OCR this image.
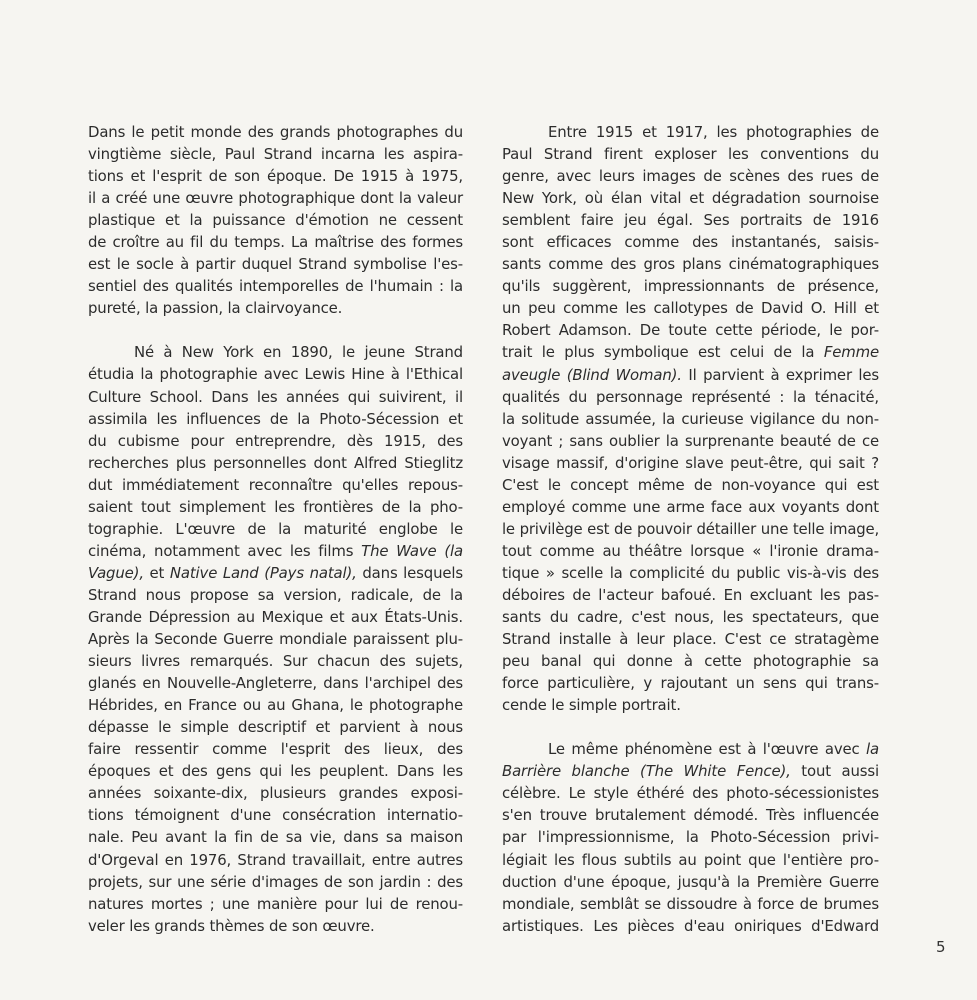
Dans le petit monde des grands photographes du
vingtième siècle, Paul Strand incarna les aspira-
tions et l'esprit de son époque. De 1915 à 1975,
il a créé une œuvre photographique dont la valeur
plastique et la puissance d'émotion ne cessent
de croître au fil du temps. La maîtrise des formes
est le socle à partir duquel Strand symbolise l'es-
sentiel des qualités intemporelles de l'humain : la
pureté, la passion, la clairvoyance.

Né à New York en 1890, le jeune Strand
étudia la photographie avec Lewis Hine à l'Ethical
Culture School. Dans les années qui suivirent, il
assimila les influences de la Photo-Sécession et
du cubisme pour entreprendre, dès 1915, des
recherches plus personnelles dont Alfred Stieglitz
dut immédiatement reconnaître qu'elles repous-
saient tout simplement les frontières de la pho-
tographie. L'œuvre de la maturité englobe le
cinéma, notamment avec les films The Wave (la
Vague), et Native Land (Pays natal), dans lesquels
Strand nous propose sa version, radicale, de la
Grande Dépression au Mexique et aux États-Unis.
Après la Seconde Guerre mondiale paraissent plu-
sieurs livres remarqués. Sur chacun des sujets,
glanés en Nouvelle-Angleterre, dans l'archipel des
Hébrides, en France ou au Ghana, le photographe
dépasse le simple descriptif et parvient à nous
faire ressentir comme l'esprit des lieux, des
époques et des gens qui les peuplent. Dans les
années soixante-dix, plusieurs grandes exposi-
tions témoignent d'une consécration internatio-
nale. Peu avant la fin de sa vie, dans sa maison
d'Orgeval en 1976, Strand travaillait, entre autres
projets, sur une série d'images de son jardin : des
natures mortes ; une manière pour lui de renou-
veler les grands thèmes de son œuvre.

Entre 1915 et 1917, les photographies de
Paul Strand firent exploser les conventions du
genre, avec leurs images de scènes des rues de
New York, où élan vital et dégradation sournoise
semblent faire jeu égal. Ses portraits de 1916
sont efficaces comme des instantanés, saisis-
sants comme des gros plans cinématographiques
qu'ils suggèrent, impressionnants de présence,
un peu comme les callotypes de David O. Hill et
Robert Adamson. De toute cette période, le por-
trait le plus symbolique est celui de la Femme
aveugle (Blind Woman). Il parvient à exprimer les
qualités du personnage représenté : la ténacité,
la solitude assumée, la curieuse vigilance du non-
voyant ; sans oublier la surprenante beauté de ce
visage massif, d'origine slave peut-être, qui sait ?
C'est le concept même de non-voyance qui est
employé comme une arme face aux voyants dont
le privilège est de pouvoir détailler une telle image,
tout comme au théâtre lorsque « l'ironie drama-
tique » scelle la complicité du public vis-à-vis des
déboires de l'acteur bafoué. En excluant les pas-
sants du cadre, c'est nous, les spectateurs, que
Strand installe à leur place. C'est ce stratagème
peu banal qui donne à cette photographie sa
force particulière, y rajoutant un sens qui trans-
cende le simple portrait.

Le même phénomène est à l'œuvre avec la
Barrière blanche (The White Fence), tout aussi
célèbre. Le style éthéré des photo-sécessionistes
s'en trouve brutalement démodé. Très influencée
par l'impressionnisme, la Photo-Sécession privi-
légiait les flous subtils au point que l'entière pro-
duction d'une époque, jusqu'à la Première Guerre
mondiale, semblât se dissoudre à force de brumes
artistiques. Les pièces d'eau oniriques d'Edward

5
